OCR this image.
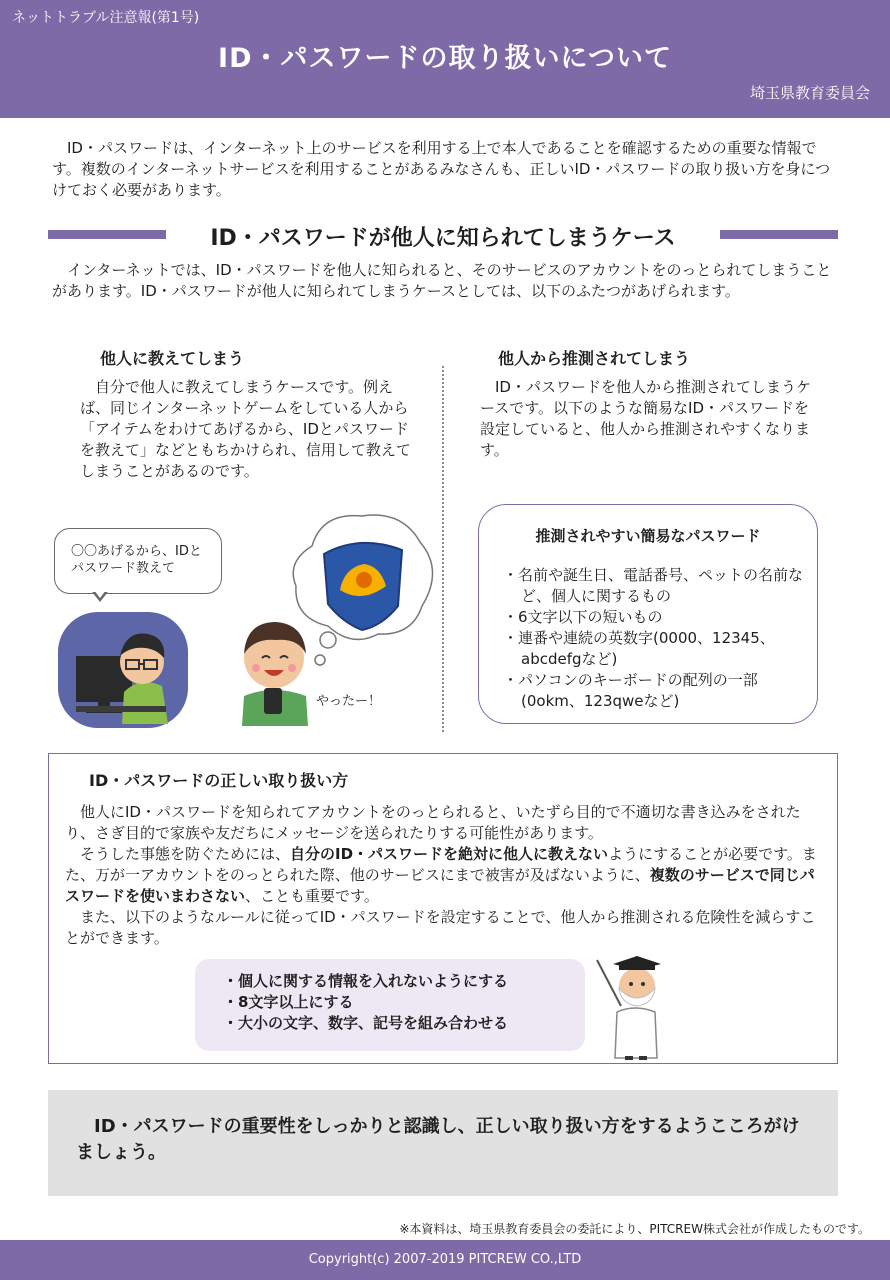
ネットトラブル注意報(第1号)
ID・パスワードの取り扱いについて
埼玉県教育委員会
ID・パスワードは、インターネット上のサービスを利用する上で本人であることを確認するための重要な情報です。複数のインターネットサービスを利用することがあるみなさんも、正しいID・パスワードの取り扱い方を身につけておく必要があります。
ID・パスワードが他人に知られてしまうケース
インターネットでは、ID・パスワードを他人に知られると、そのサービスのアカウントをのっとられてしまうことがあります。ID・パスワードが他人に知られてしまうケースとしては、以下のふたつがあげられます。
他人に教えてしまう
自分で他人に教えてしまうケースです。例えば、同じインターネットゲームをしている人から「アイテムをわけてあげるから、IDとパスワードを教えて」などともちかけられ、信用して教えてしまうことがあるのです。
他人から推測されてしまう
ID・パスワードを他人から推測されてしまうケースです。以下のような簡易なID・パスワードを設定していると、他人から推測されやすくなります。
〇〇あげるから、IDとパスワード教えて
やったー！
推測されやすい簡易なパスワード
・名前や誕生日、電話番号、ペットの名前など、個人に関するもの
・6文字以下の短いもの
・連番や連続の英数字(0000、12345、abcdefgなど)
・パソコンのキーボードの配列の一部(0okm、123qweなど)
ID・パスワードの正しい取り扱い方

他人にID・パスワードを知られてアカウントをのっとられると、いたずら目的で不適切な書き込みをされたり、さぎ目的で家族や友だちにメッセージを送られたりする可能性があります。

そうした事態を防ぐためには、自分のID・パスワードを絶対に他人に教えないようにすることが必要です。また、万が一アカウントをのっとられた際、他のサービスにまで被害が及ばないように、複数のサービスで同じパスワードを使いまわさない、ことも重要です。

また、以下のようなルールに従ってID・パスワードを設定することで、他人から推測される危険性を減らすことができます。

・個人に関する情報を入れないようにする
・8文字以上にする
・大小の文字、数字、記号を組み合わせる
ID・パスワードの重要性をしっかりと認識し、正しい取り扱い方をするようこころがけましょう。
※本資料は、埼玉県教育委員会の委託により、PITCREW株式会社が作成したものです。
Copyright(c) 2007-2019 PITCREW CO.,LTD
